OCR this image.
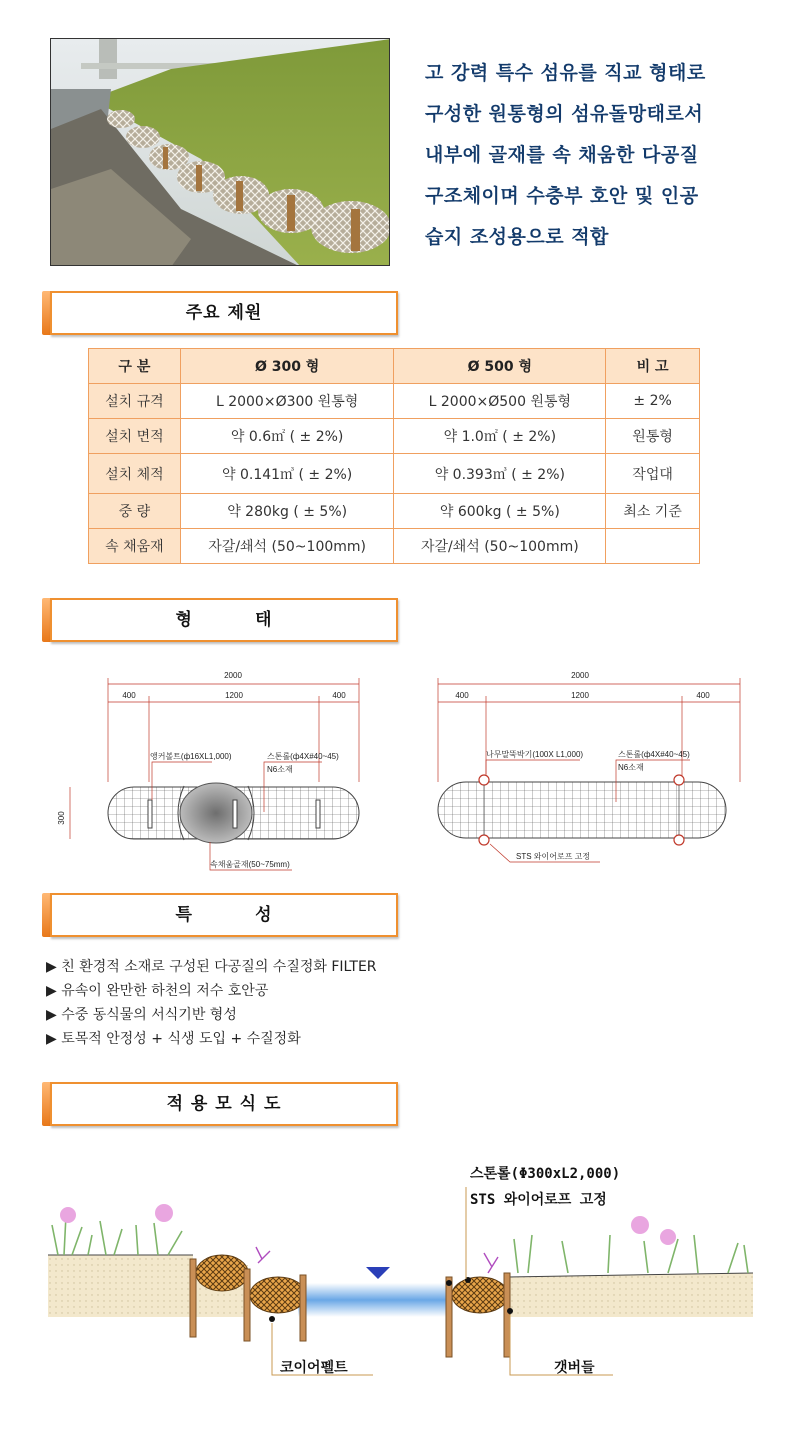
고 강력 특수 섬유를 직교 형태로
구성한 원통형의 섬유돌망태로서
내부에 골재를 속 채움한 다공질
구조체이며 수충부 호안 및 인공
습지 조성용으로 적합
주요 제원
구 분	Ø 300 형	Ø 500 형	비 고
설치 규격	L 2000×Ø300 원통형	L 2000×Ø500 원통형	± 2%
설치 면적	약 0.6㎡ ( ± 2%)	약 1.0㎡ ( ± 2%)	원통형
설치 체적	약 0.141㎥ ( ± 2%)	약 0.393㎥ ( ± 2%)	작업대
중 량	약 280kg ( ± 5%)	약 600kg ( ± 5%)	최소 기준
속 채움재	자갈/쇄석 (50~100mm)	자갈/쇄석 (50~100mm)	
형         태
2000
400	1200	400
300
앵커볼트(ф16XL1,000)	스톤롤(ф4X#40~45)
N6소재
속채움골재(50~75mm)
2000
400	1200	400
나무말뚝박기(100X L1,000)	스톤롤(ф4X#40~45)
N6소재
STS 와이어로프 고정
특         성
▶ 친 환경적 소재로 구성된 다공질의 수질정화 FILTER
▶ 유속이 완만한 하천의 저수 호안공
▶ 수중 동식물의 서식기반 형성
▶ 토목적 안정성 + 식생 도입 + 수질정화
적 용 모 식 도
스톤롤(Φ300xL2,000)
STS 와이어로프 고정
코이어펠트	갯버들
